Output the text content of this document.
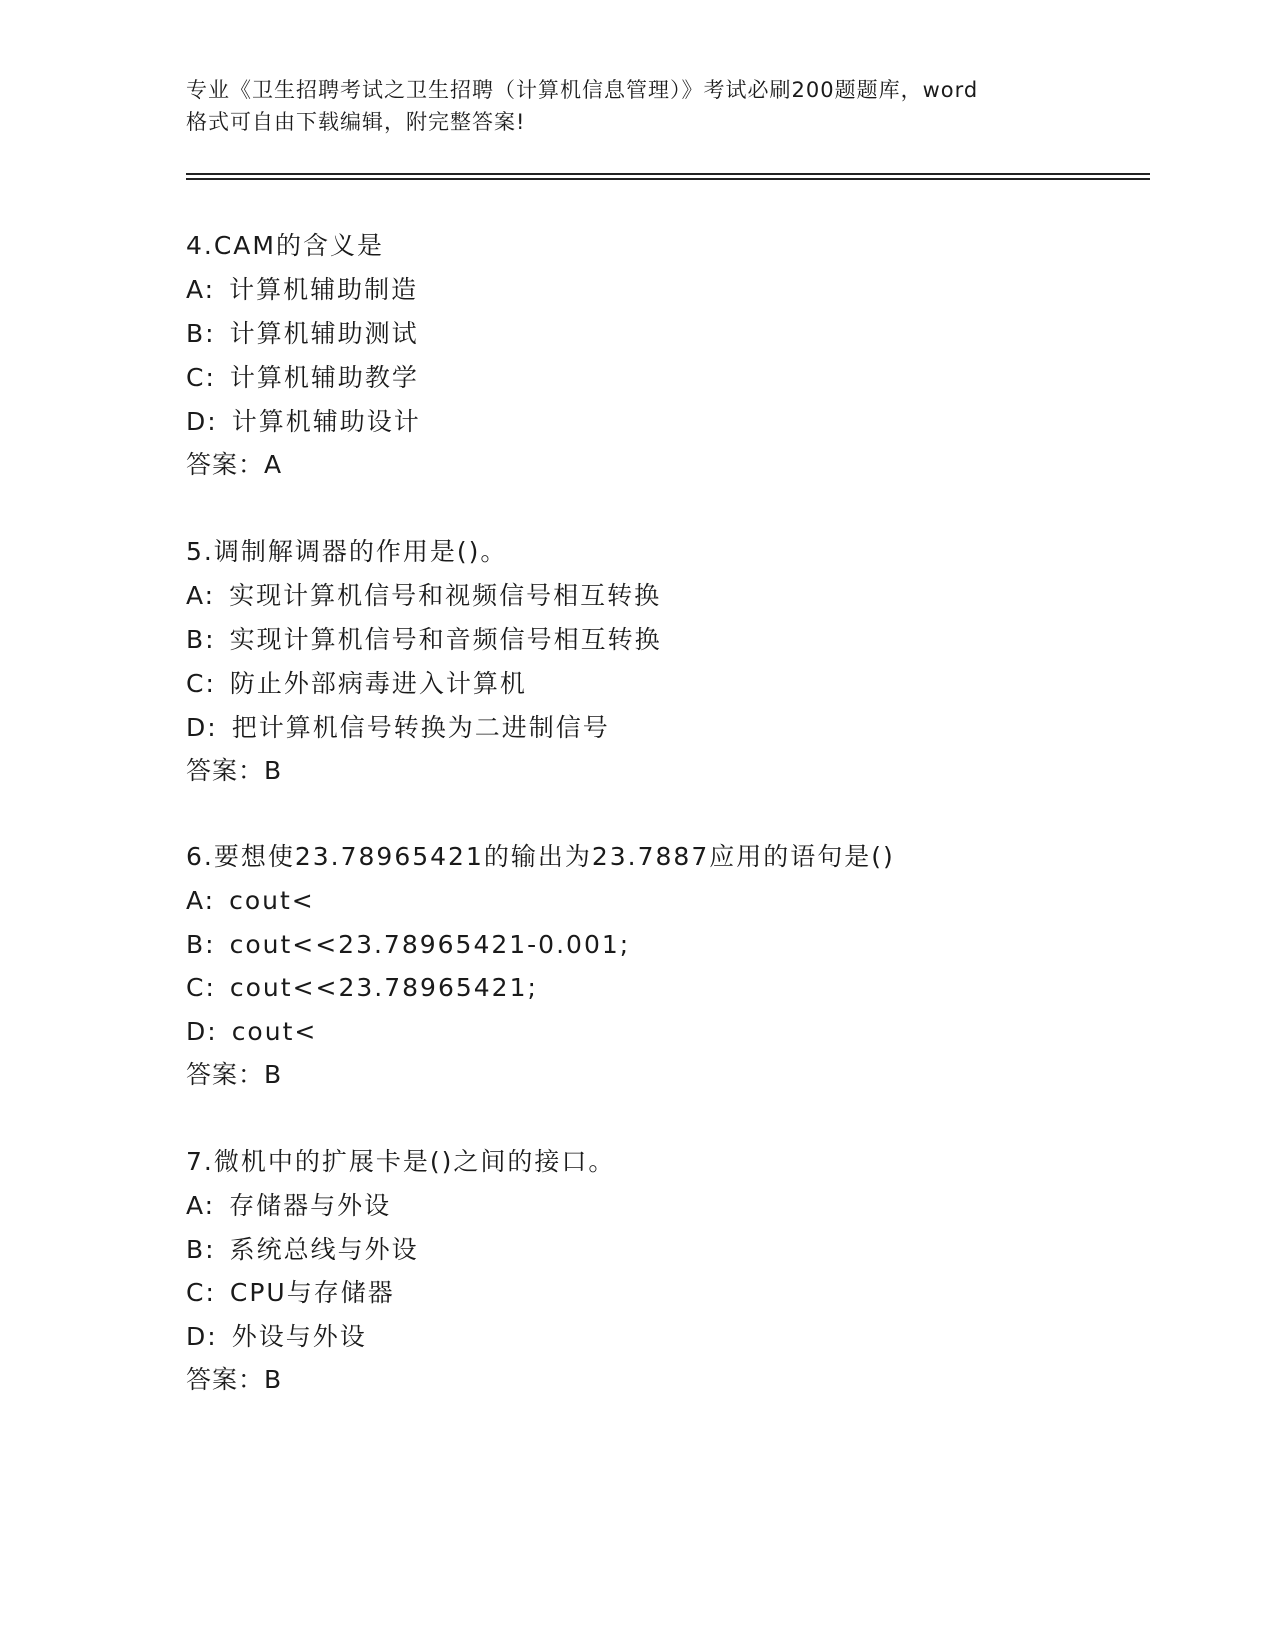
专业《卫生招聘考试之卫生招聘（计算机信息管理）》考试必刷200题题库，word
格式可自由下载编辑，附完整答案!
4.CAM的含义是
A: 计算机辅助制造
B: 计算机辅助测试
C: 计算机辅助教学
D: 计算机辅助设计
答案：A
5.调制解调器的作用是()。
A: 实现计算机信号和视频信号相互转换
B: 实现计算机信号和音频信号相互转换
C: 防止外部病毒进入计算机
D: 把计算机信号转换为二进制信号
答案：B
6.要想使23.78965421的输出为23.7887应用的语句是()
A: cout<
B: cout<<23.78965421-0.001;
C: cout<<23.78965421;
D: cout<
答案：B
7.微机中的扩展卡是()之间的接口。
A: 存储器与外设
B: 系统总线与外设
C: CPU与存储器
D: 外设与外设
答案：B
